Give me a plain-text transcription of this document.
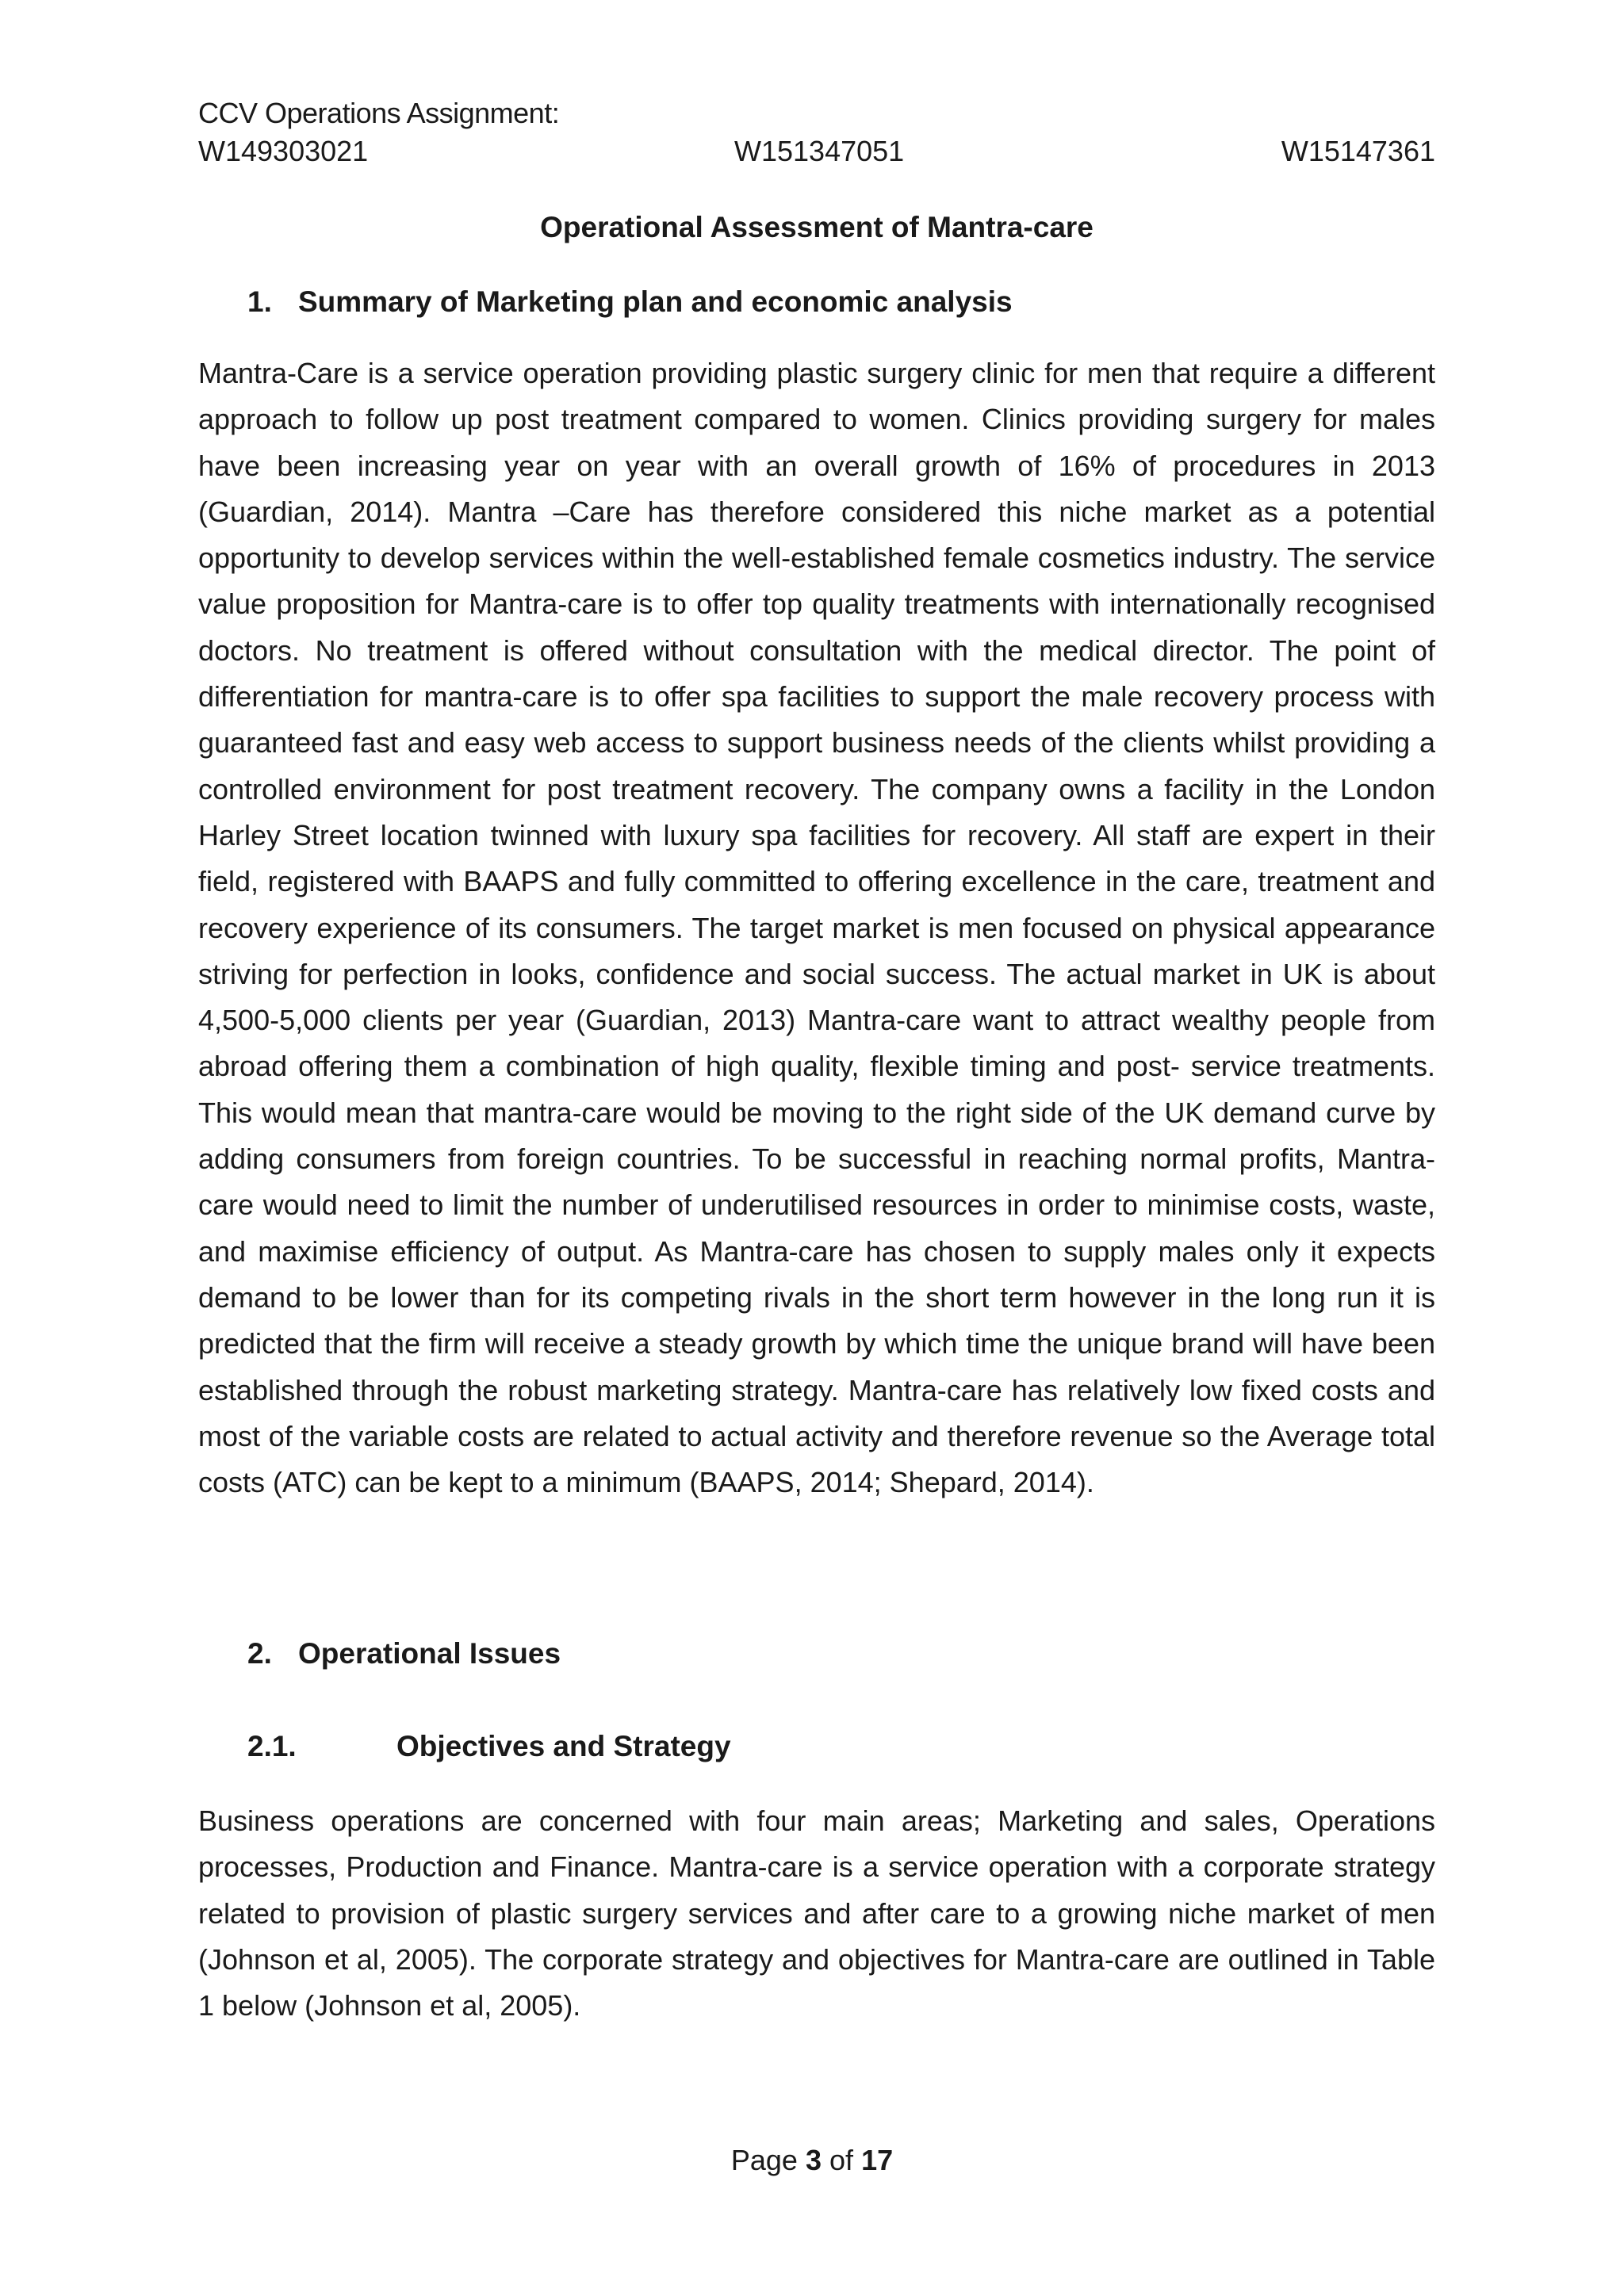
CCV Operations Assignment:
W149303021	W151347051	W15147361
Operational Assessment of Mantra-care
1. Summary of Marketing plan and economic analysis
Mantra-Care is a service operation providing plastic surgery clinic for men that require a different approach to follow up post treatment compared to women. Clinics providing surgery for males have been increasing year on year with an overall growth of 16% of procedures in 2013 (Guardian, 2014). Mantra –Care has therefore considered this niche market as a potential opportunity to develop services within the well-established female cosmetics industry. The service value proposition for Mantra-care is to offer top quality treatments with internationally recognised doctors. No treatment is offered without consultation with the medical director. The point of differentiation for mantra-care is to offer spa facilities to support the male recovery process with guaranteed fast and easy web access to support business needs of the clients whilst providing a controlled environment for post treatment recovery. The company owns a facility in the London Harley Street location twinned with luxury spa facilities for recovery. All staff are expert in their field, registered with BAAPS and fully committed to offering excellence in the care, treatment and recovery experience of its consumers. The target market is men focused on physical appearance striving for perfection in looks, confidence and social success. The actual market in UK is about 4,500-5,000 clients per year (Guardian, 2013) Mantra-care want to attract wealthy people from abroad offering them a combination of high quality, flexible timing and post- service treatments. This would mean that mantra-care would be moving to the right side of the UK demand curve by adding consumers from foreign countries. To be successful in reaching normal profits, Mantra-care would need to limit the number of underutilised resources in order to minimise costs, waste, and maximise efficiency of output. As Mantra-care has chosen to supply males only it expects demand to be lower than for its competing rivals in the short term however in the long run it is predicted that the firm will receive a steady growth by which time the unique brand will have been established through the robust marketing strategy. Mantra-care has relatively low fixed costs and most of the variable costs are related to actual activity and therefore revenue so the Average total costs (ATC) can be kept to a minimum (BAAPS, 2014; Shepard, 2014).
2. Operational Issues
2.1.	Objectives and Strategy
Business operations are concerned with four main areas; Marketing and sales, Operations processes, Production and Finance. Mantra-care is a service operation with a corporate strategy related to provision of plastic surgery services and after care to a growing niche market of men (Johnson et al, 2005). The corporate strategy and objectives for Mantra-care are outlined in Table 1 below (Johnson et al, 2005).
Page 3 of 17
